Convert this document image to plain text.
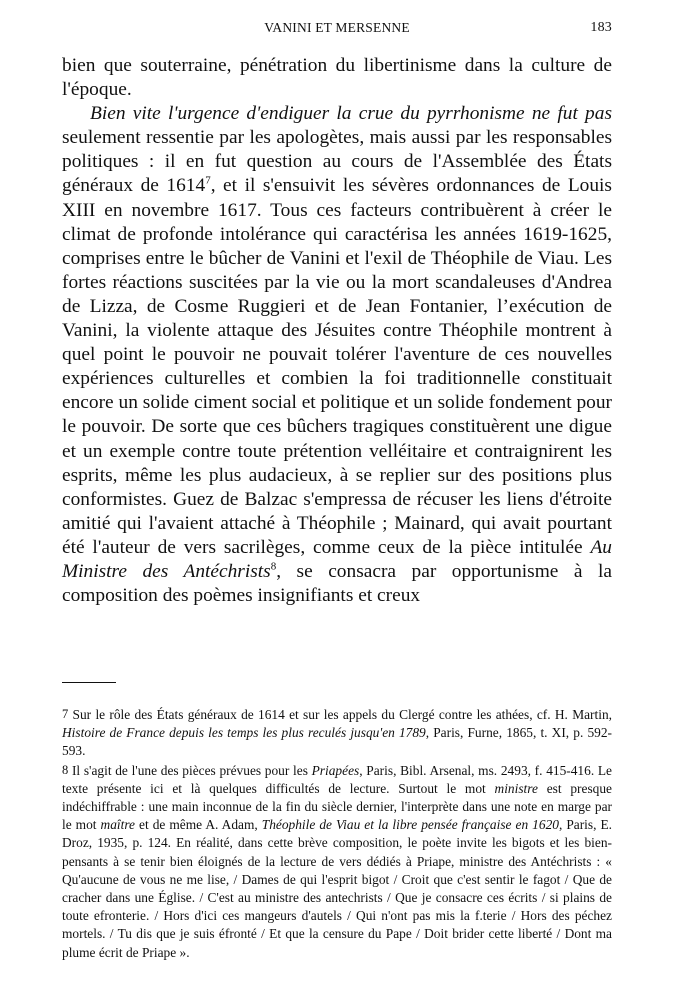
VANINI ET MERSENNE	183

bien que souterraine, pénétration du libertinisme dans la culture de l'époque.

Bien vite l'urgence d'endiguer la crue du pyrrhonisme ne fut pas seulement ressentie par les apologètes, mais aussi par les responsables politiques : il en fut question au cours de l'Assemblée des États généraux de 1614$^7$, et il s'ensuivit les sévères ordonnances de Louis XIII en novembre 1617. Tous ces facteurs contribuèrent à créer le climat de profonde intolérance qui caractérisa les années 1619-1625, comprises entre le bûcher de Vanini et l'exil de Théophile de Viau. Les fortes réactions suscitées par la vie ou la mort scandaleuses d'Andrea de Lizza, de Cosme Ruggieri et de Jean Fontanier, l’exécution de Vanini, la violente attaque des Jésuites contre Théophile montrent à quel point le pouvoir ne pouvait tolérer l'aventure de ces nouvelles expériences culturelles et combien la foi traditionnelle constituait encore un solide ciment social et politique et un solide fondement pour le pouvoir. De sorte que ces bûchers tragiques constituèrent une digue et un exemple contre toute prétention velléitaire et contraignirent les esprits, même les plus audacieux, à se replier sur des positions plus conformistes. Guez de Balzac s'empressa de récuser les liens d'étroite amitié qui l'avaient attaché à Théophile ; Mainard, qui avait pourtant été l'auteur de vers sacrilèges, comme ceux de la pièce intitulée Au Ministre des Antéchrists$^8$, se consacra par opportunisme à la composition des poèmes insignifiants et creux

7 Sur le rôle des États généraux de 1614 et sur les appels du Clergé contre les athées, cf. H. Martin, Histoire de France depuis les temps les plus reculés jusqu'en 1789, Paris, Furne, 1865, t. XI, p. 592-593.

8 Il s'agit de l'une des pièces prévues pour les Priapées, Paris, Bibl. Arsenal, ms. 2493, f. 415-416. Le texte présente ici et là quelques difficultés de lecture. Surtout le mot ministre est presque indéchiffrable : une main inconnue de la fin du siècle dernier, l'interprète dans une note en marge par le mot maître et de même A. Adam, Théophile de Viau et la libre pensée française en 1620, Paris, E. Droz, 1935, p. 124. En réalité, dans cette brève composition, le poète invite les bigots et les bien-pensants à se tenir bien éloignés de la lecture de vers dédiés à Priape, ministre des Antéchrists : « Qu'aucune de vous ne me lise, / Dames de qui l'esprit bigot / Croit que c'est sentir le fagot / Que de cracher dans une Église. / C'est au ministre des antechrists / Que je consacre ces écrits / si plains de toute efronterie. / Hors d'ici ces mangeurs d'autels / Qui n'ont pas mis la f.terie / Hors des péchez mortels. / Tu dis que je suis éfronté / Et que la censure du Pape / Doit brider cette liberté / Dont ma plume écrit de Priape ».
